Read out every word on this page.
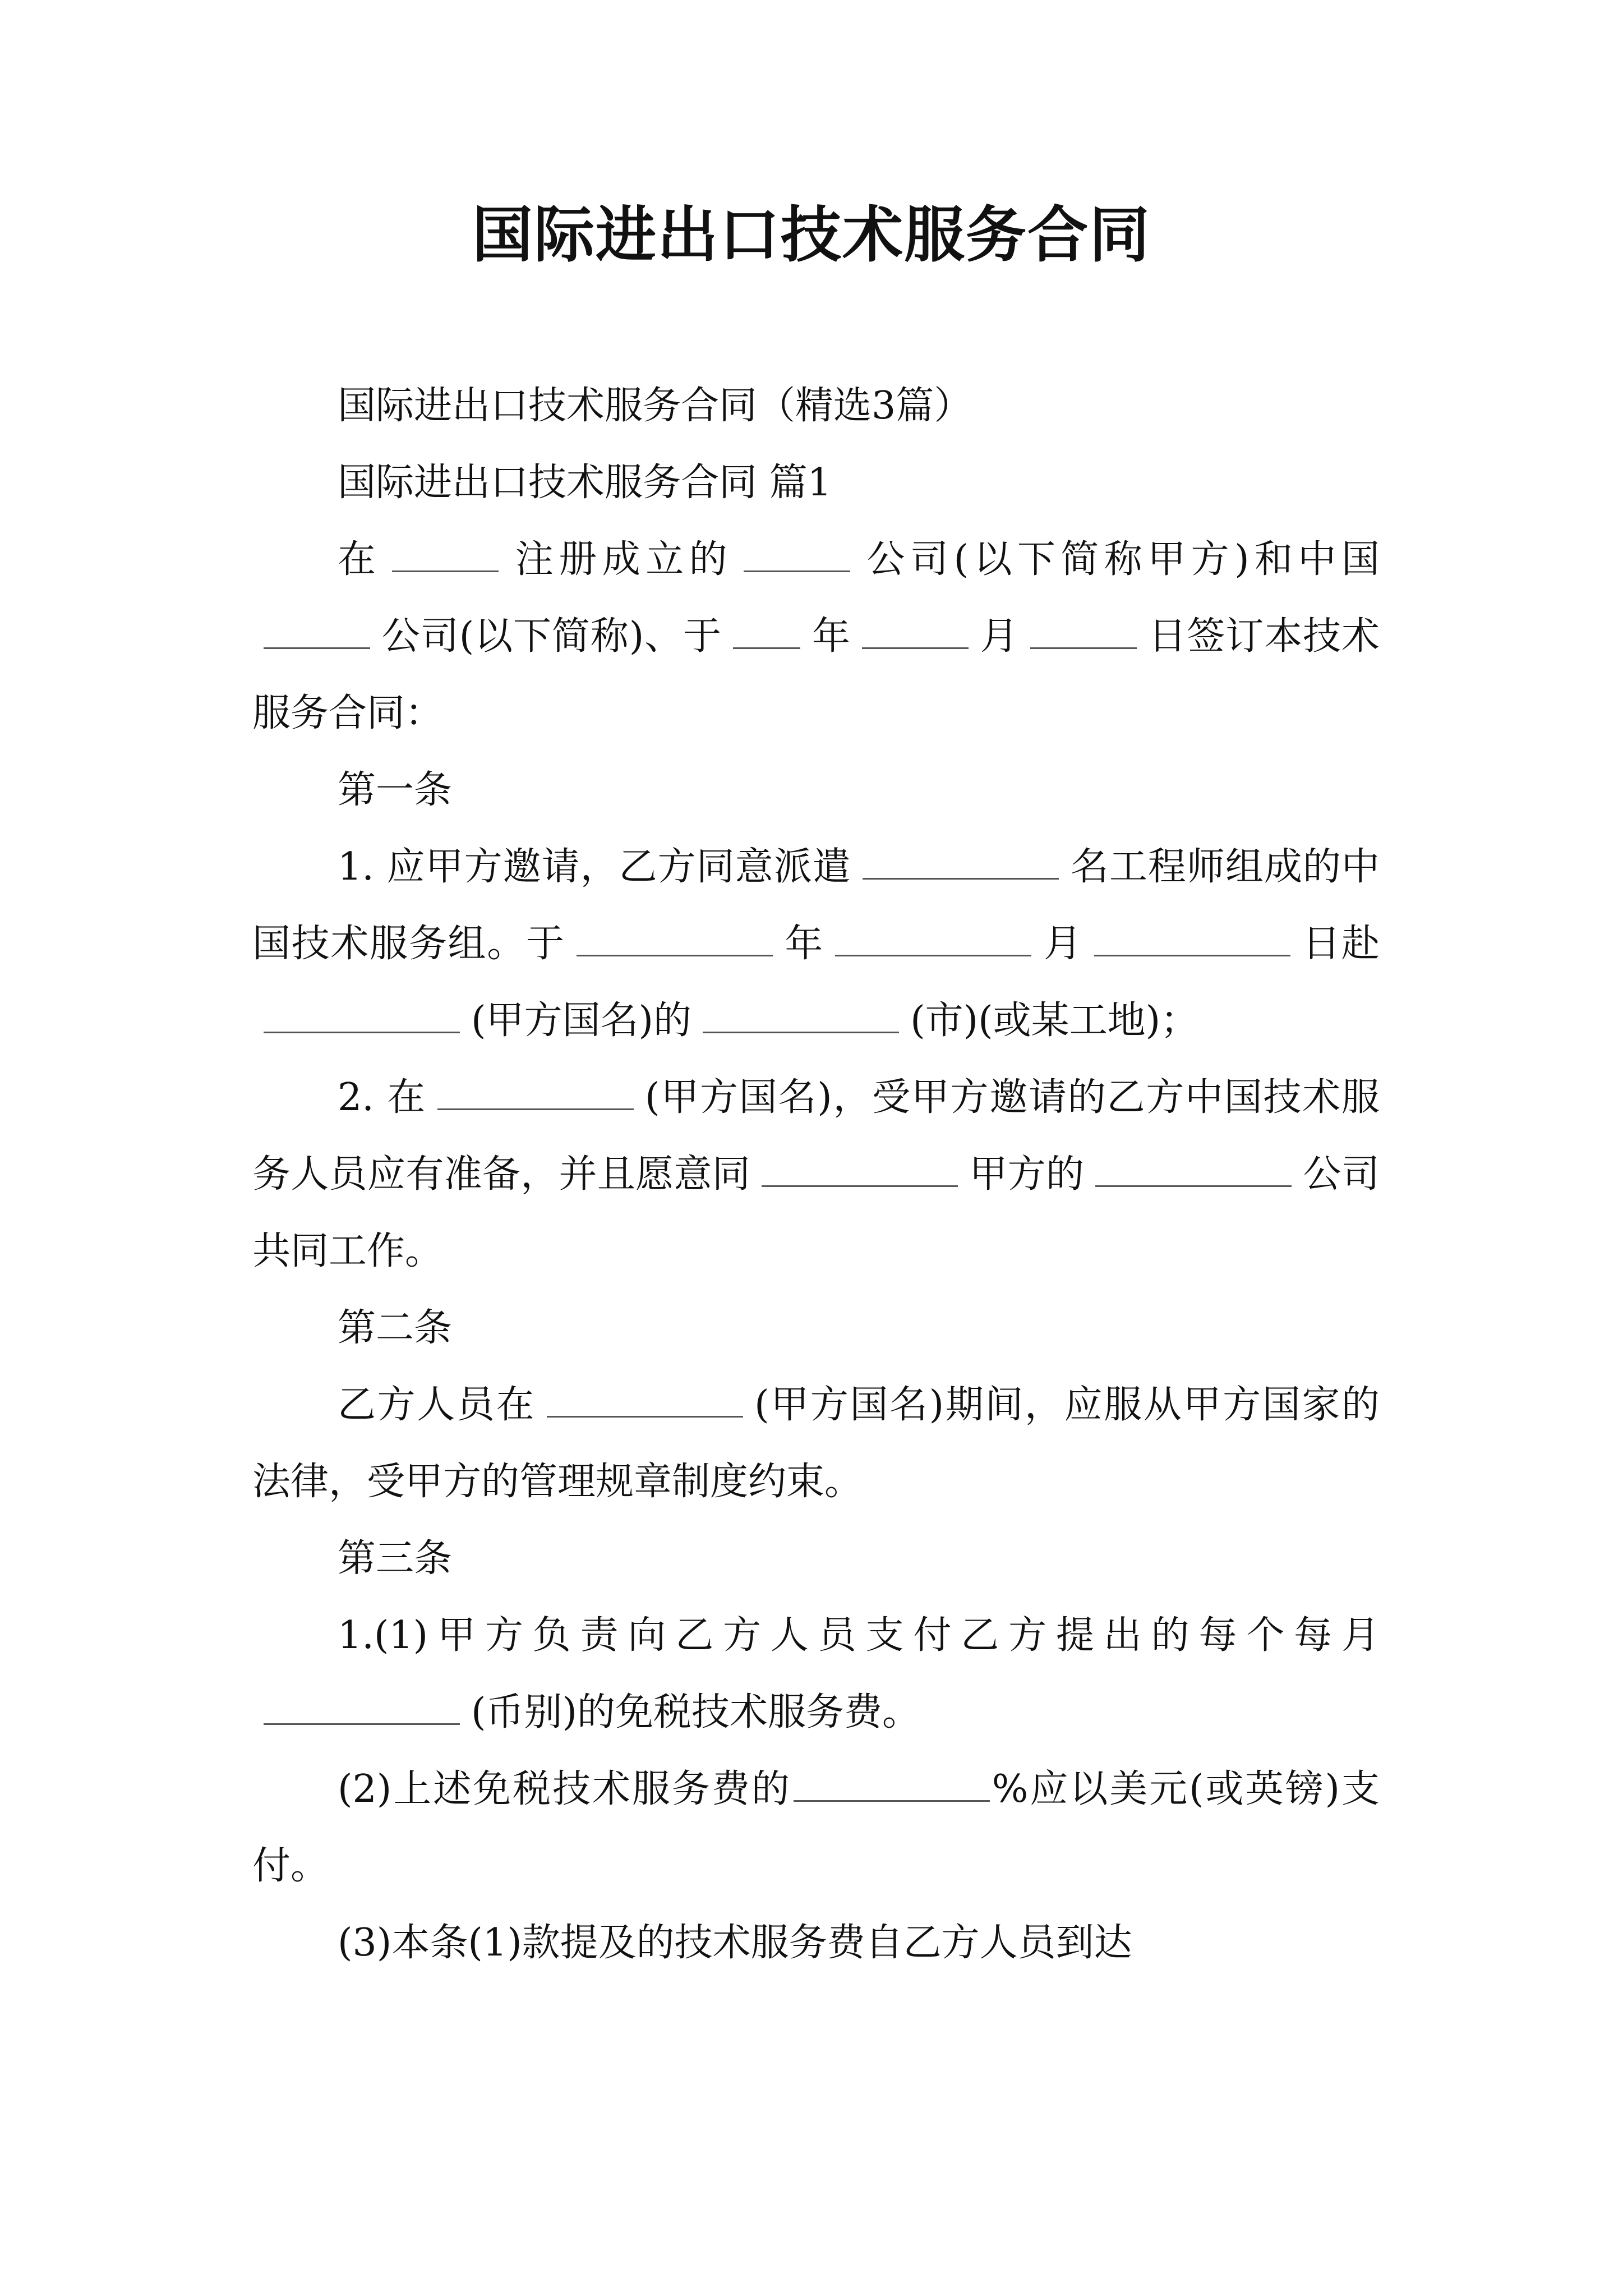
国际进出口技术服务合同

国际进出口技术服务合同（精选3篇）

国际进出口技术服务合同 篇1

在	注册成立的	公司(以下简称甲方)和中国公司(以下简称)、于 年	月	日签订本技术服务合同：

第一条

1. 应甲方邀请，乙方同意派遣	名工程师组成的中国技术服务组。于	年	月	日赴(甲方国名)的	(市)(或某工地)；

2. 在	(甲方国名)，受甲方邀请的乙方中国技术服务人员应有准备，并且愿意同	甲方的	公司共同工作。

第二条

乙方人员在	(甲方国名)期间，应服从甲方国家的法律，受甲方的管理规章制度约束。

第三条

1.(1)甲方负责向乙方人员支付乙方提出的每个每月(币别)的免税技术服务费。

(2)上述免税技术服务费的	%应以美元(或英镑)支付。

(3)本条(1)款提及的技术服务费自乙方人员到达
